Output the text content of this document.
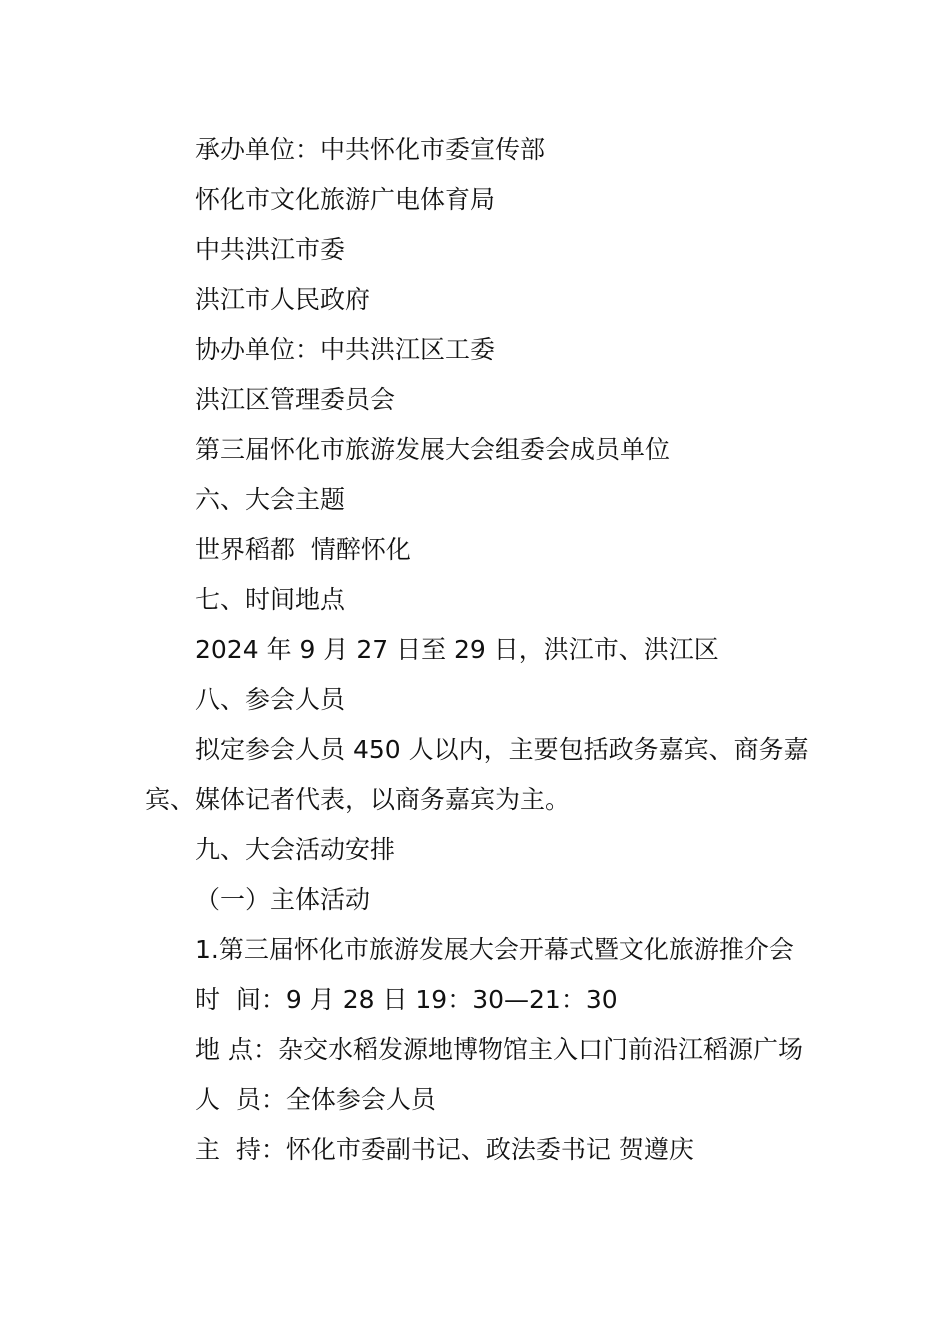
承办单位：中共怀化市委宣传部
怀化市文化旅游广电体育局
中共洪江市委
洪江市人民政府
协办单位：中共洪江区工委
洪江区管理委员会
第三届怀化市旅游发展大会组委会成员单位
六、大会主题
世界稻都  情醉怀化
七、时间地点
2024 年 9 月 27 日至 29 日，洪江市、洪江区
八、参会人员
拟定参会人员 450 人以内，主要包括政务嘉宾、商务嘉宾、媒体记者代表，以商务嘉宾为主。
九、大会活动安排
（一）主体活动
1.第三届怀化市旅游发展大会开幕式暨文化旅游推介会
时  间：9 月 28 日 19：30—21：30
地 点：杂交水稻发源地博物馆主入口门前沿江稻源广场
人  员：全体参会人员
主  持：怀化市委副书记、政法委书记 贺遵庆
